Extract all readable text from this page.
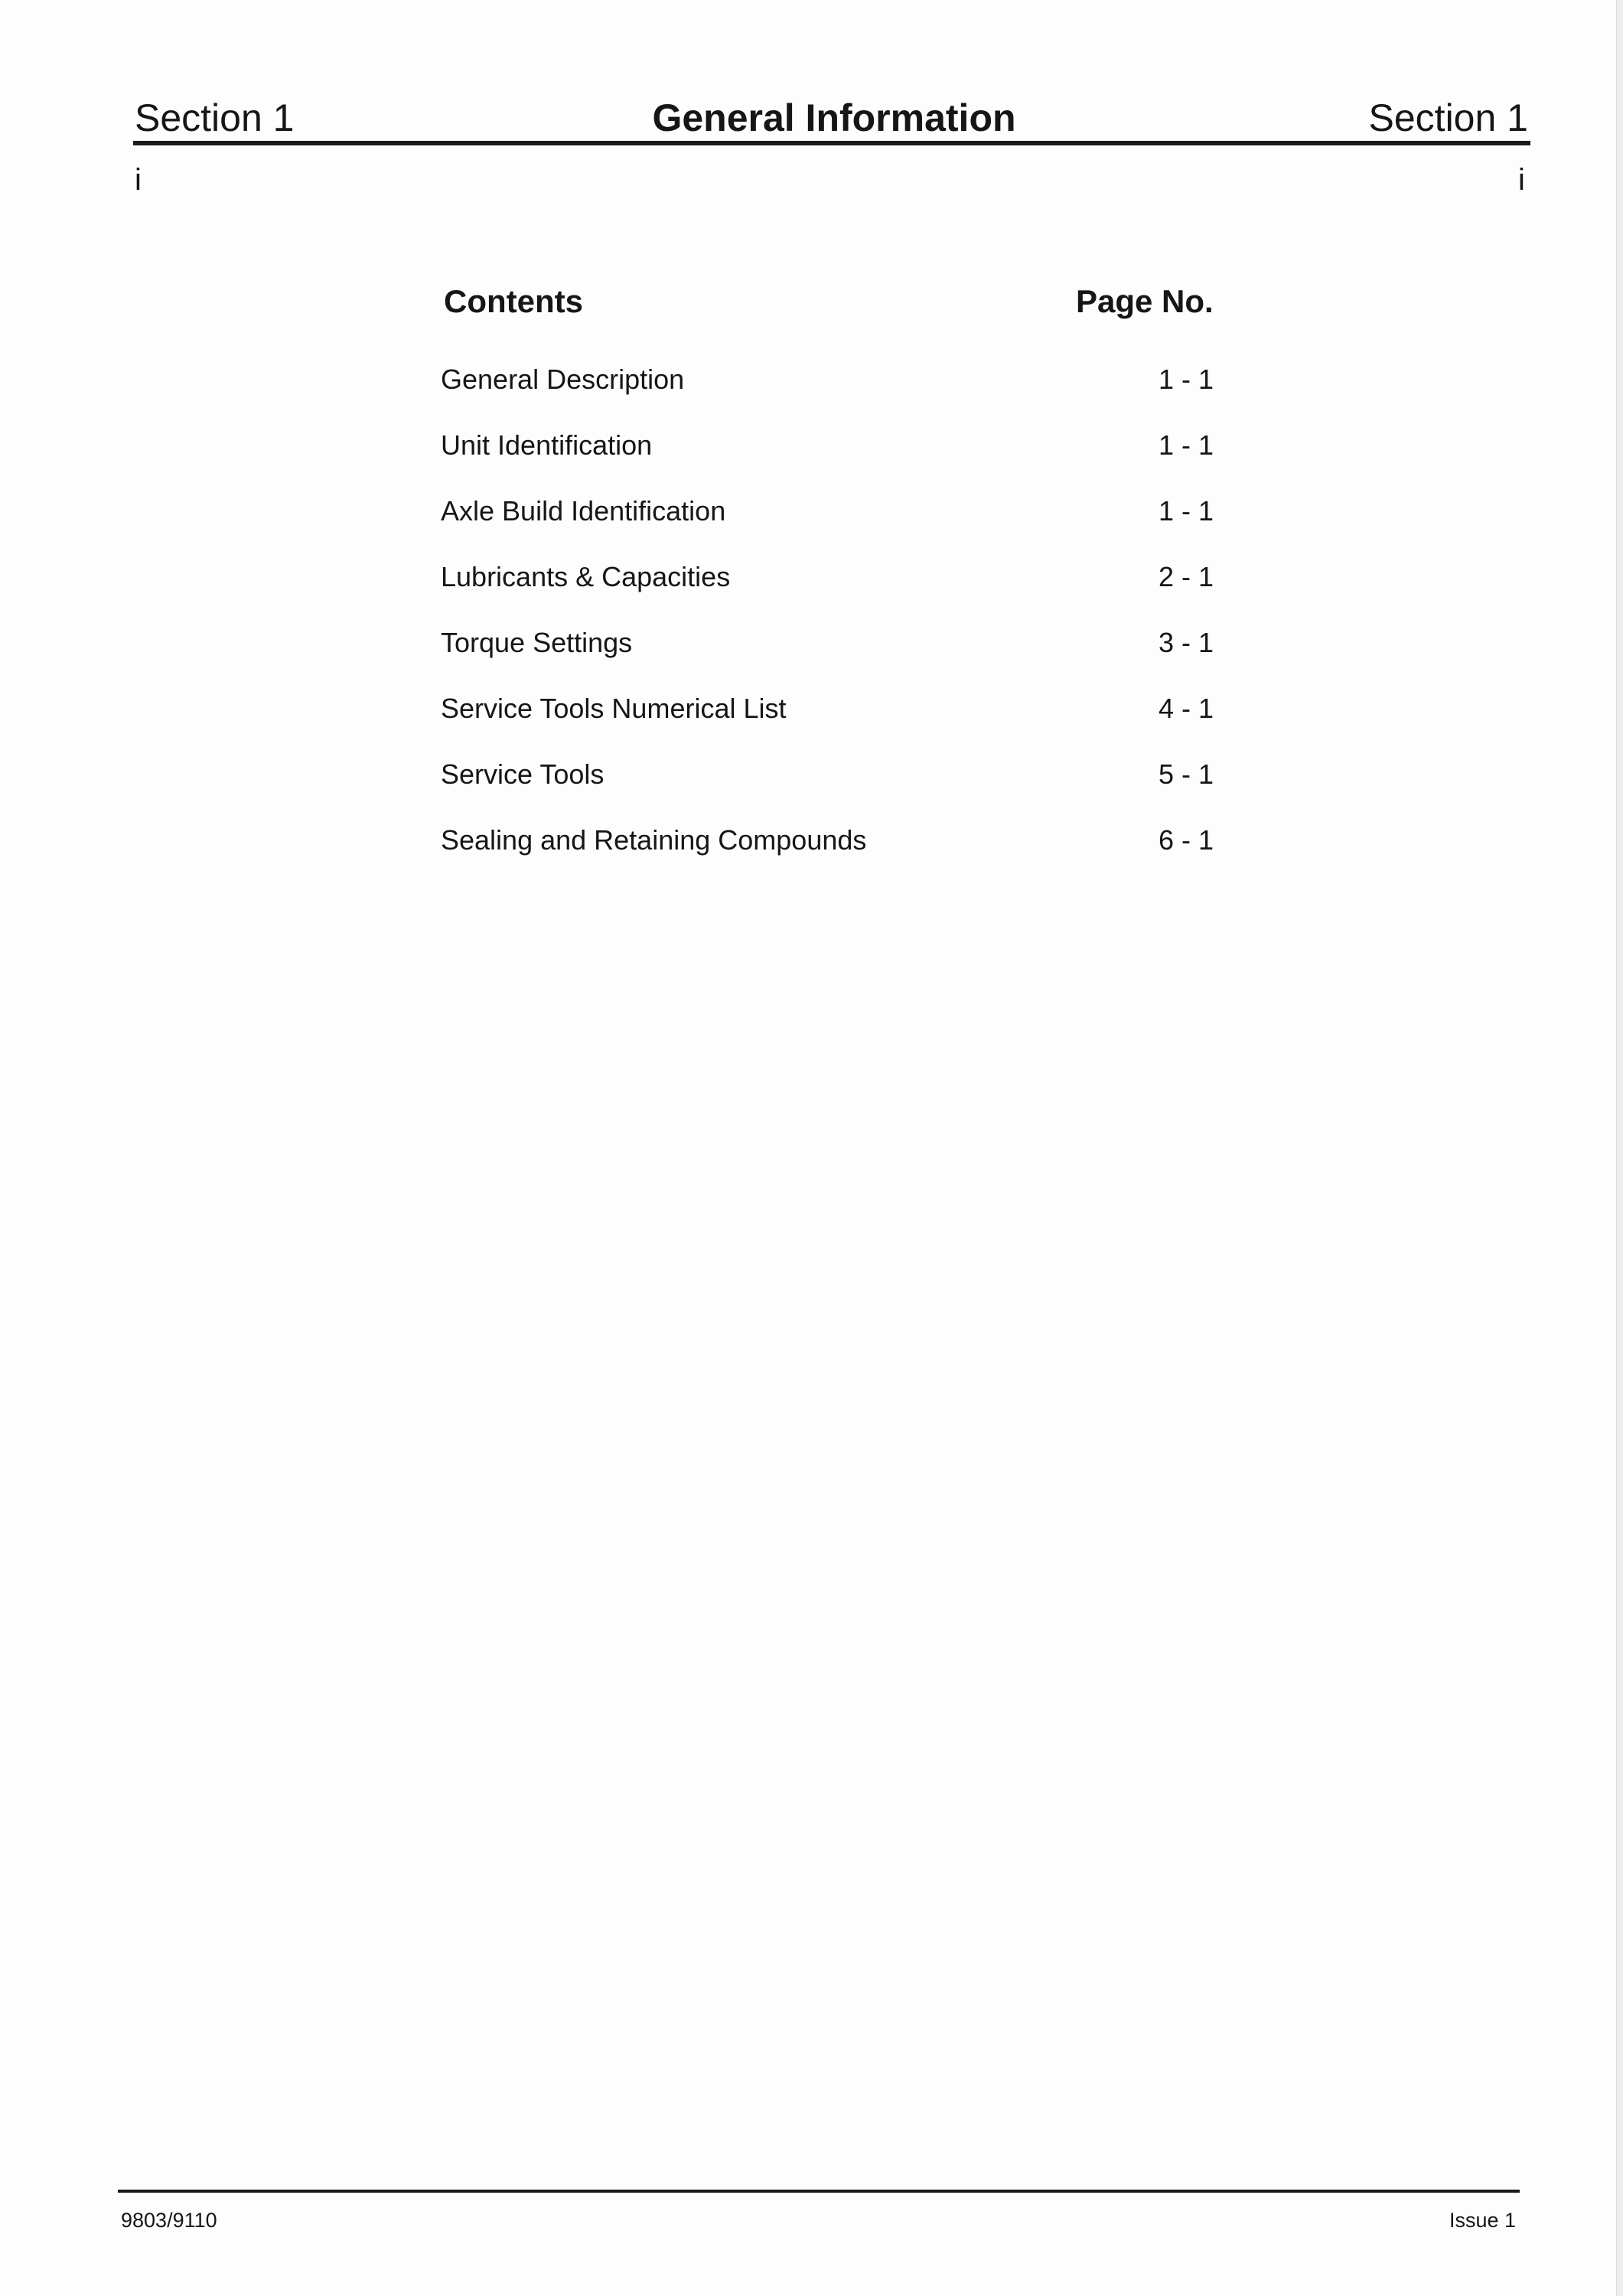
Section 1	General Information	Section 1
i	i
Contents	Page No.
General Description	1 - 1
Unit Identification	1 - 1
Axle Build Identification	1 - 1
Lubricants & Capacities	2 - 1
Torque Settings	3 - 1
Service Tools Numerical List	4 - 1
Service Tools	5 - 1
Sealing and Retaining Compounds	6 - 1
9803/9110	Issue 1
